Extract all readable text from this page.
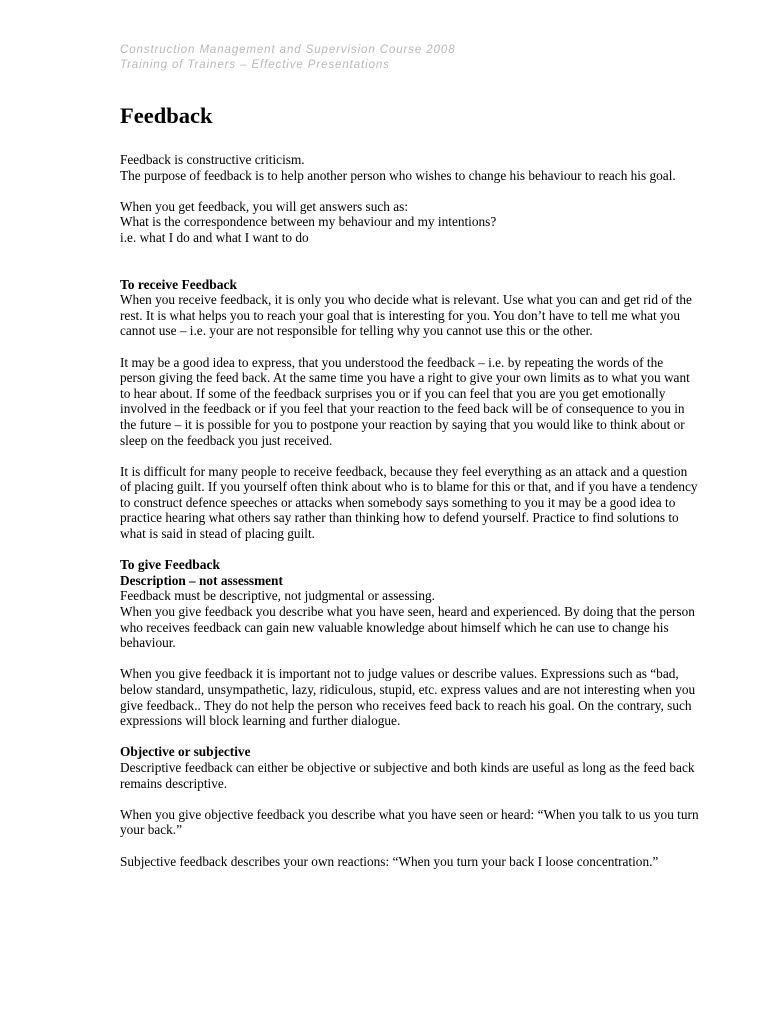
Construction Management and Supervision Course 2008
Training of Trainers – Effective Presentations
Feedback

Feedback is constructive criticism.

The purpose of feedback is to help another person who wishes to change his behaviour to reach his goal.

When you get feedback, you will get answers such as:

What is the correspondence between my behaviour and my intentions?

i.e. what I do and what I want to do

To receive Feedback

When you receive feedback, it is only you who decide what is relevant. Use what you can and get rid of the rest. It is what helps you to reach your goal that is interesting for you. You don’t have to tell me what you cannot use – i.e. your are not responsible for telling why you cannot use this or the other.

It may be a good idea to express, that you understood the feedback – i.e. by repeating the words of the person giving the feed back. At the same time you have a right to give your own limits as to what you want to hear about. If some of the feedback surprises you or if you can feel that you are you get emotionally involved in the feedback or if you feel that your reaction to the feed back will be of consequence to you in the future – it is possible for you to postpone your reaction by saying that you would like to think about or sleep on the feedback you just received.

It is difficult for many people to receive feedback, because they feel everything as an attack and a question of placing guilt. If you yourself often think about who is to blame for this or that, and if you have a tendency to construct defence speeches or attacks when somebody says something to you it may be a good idea to practice hearing what others say rather than thinking how to defend yourself. Practice to find solutions to what is said in stead of placing guilt.

To give Feedback
Description – not assessment

Feedback must be descriptive, not judgmental or assessing.

When you give feedback you describe what you have seen, heard and experienced. By doing that the person who receives feedback can gain new valuable knowledge about himself which he can use to change his behaviour.

When you give feedback it is important not to judge values or describe values. Expressions such as “bad, below standard, unsympathetic, lazy, ridiculous, stupid, etc. express values and are not interesting when you give feedback.. They do not help the person who receives feed back to reach his goal. On the contrary, such expressions will block learning and further dialogue.

Objective or subjective

Descriptive feedback can either be objective or subjective and both kinds are useful as long as the feed back remains descriptive.

When you give objective feedback you describe what you have seen or heard: “When you talk to us you turn your back.”

Subjective feedback describes your own reactions: “When you turn your back I loose concentration.”
